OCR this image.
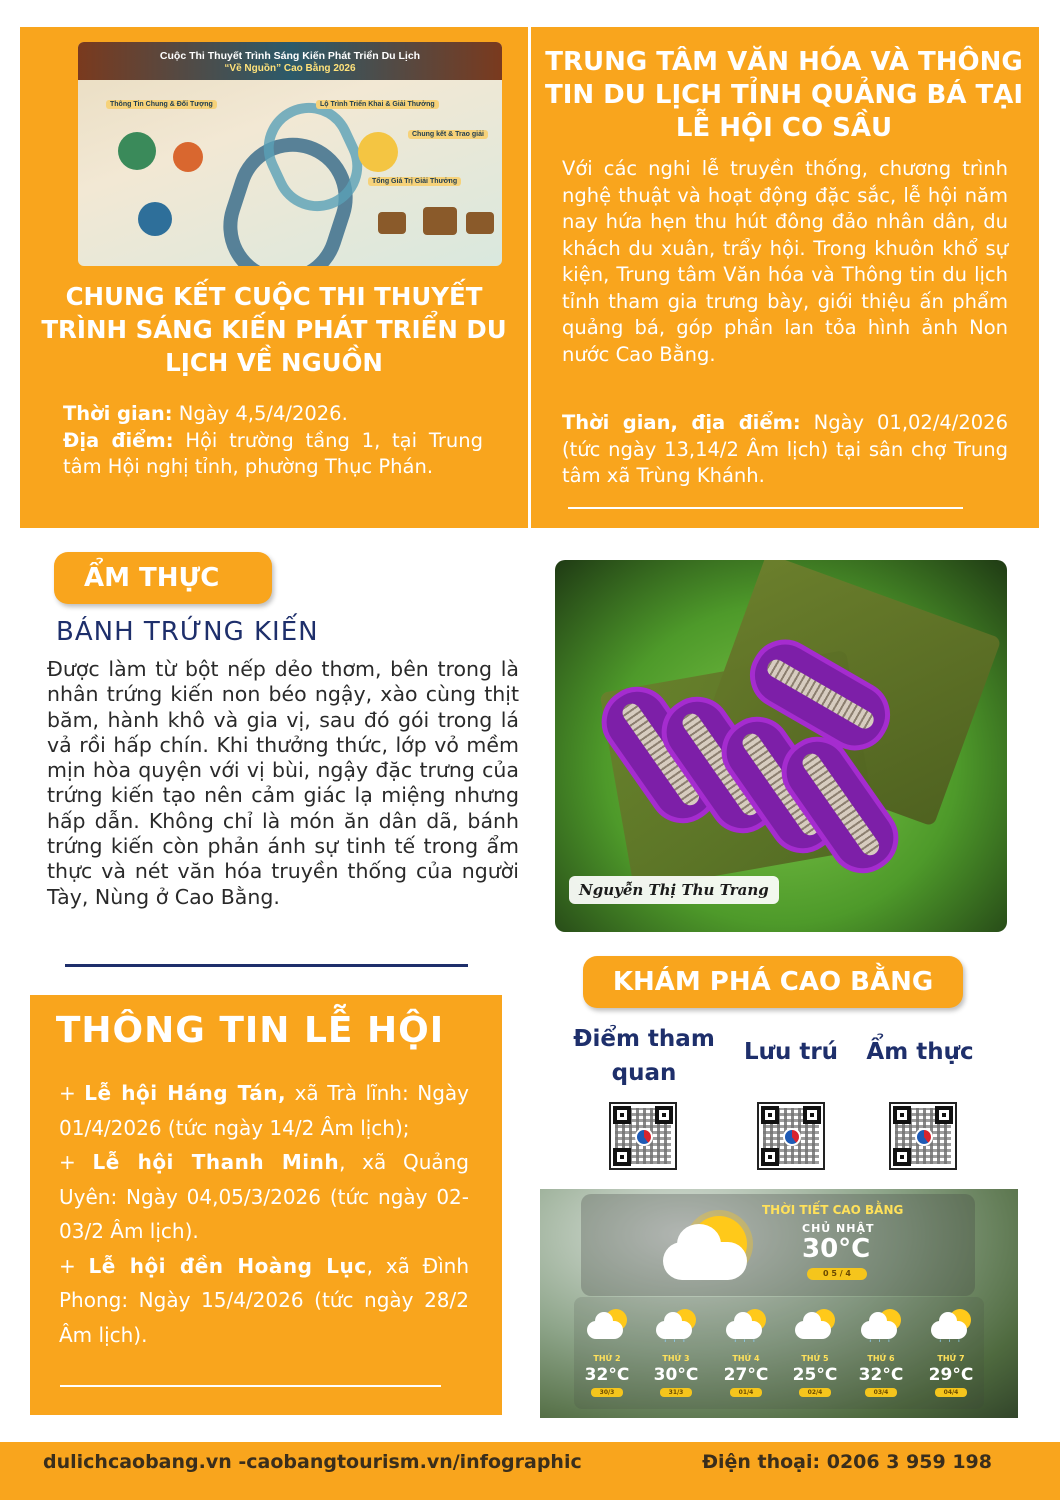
Cuộc Thi Thuyết Trình Sáng Kiến Phát Triển Du Lịch
“Về Nguồn” Cao Bằng 2026
Thông Tin Chung & Đối Tượng	Lộ Trình Triển Khai & Giải Thưởng
Chung kết & Trao giải
Tổng Giá Trị Giải Thưởng
CHUNG KẾT CUỘC THI THUYẾT TRÌNH SÁNG KIẾN PHÁT TRIỂN DU LỊCH VỀ NGUỒN
Thời gian: Ngày 4,5/4/2026.
Địa điểm: Hội trường tầng 1, tại Trung tâm Hội nghị tỉnh, phường Thục Phán.
TRUNG TÂM VĂN HÓA VÀ THÔNG TIN DU LỊCH TỈNH QUẢNG BÁ TẠI LỄ HỘI CO SẦU
Với các nghi lễ truyền thống, chương trình nghệ thuật và hoạt động đặc sắc, lễ hội năm nay hứa hẹn thu hút đông đảo nhân dân, du khách du xuân, trẩy hội. Trong khuôn khổ sự kiện, Trung tâm Văn hóa và Thông tin du lịch tỉnh tham gia trưng bày, giới thiệu ấn phẩm quảng bá, góp phần lan tỏa hình ảnh Non nước Cao Bằng.
Thời gian, địa điểm: Ngày 01,02/4/2026 (tức ngày 13,14/2 Âm lịch) tại sân chợ Trung tâm xã Trùng Khánh.
ẨM THỰC
BÁNH TRỨNG KIẾN
Được làm từ bột nếp dẻo thơm, bên trong là nhân trứng kiến non béo ngậy, xào cùng thịt băm, hành khô và gia vị, sau đó gói trong lá vả rồi hấp chín. Khi thưởng thức, lớp vỏ mềm mịn hòa quyện với vị bùi, ngậy đặc trưng của trứng kiến tạo nên cảm giác lạ miệng nhưng hấp dẫn. Không chỉ là món ăn dân dã, bánh trứng kiến còn phản ánh sự tinh tế trong ẩm thực và nét văn hóa truyền thống của người Tày, Nùng ở Cao Bằng.	Nguyễn Thị Thu Trang
THÔNG TIN LỄ HỘI
+ Lễ hội Háng Tán, xã Trà lĩnh: Ngày 01/4/2026 (tức ngày 14/2 Âm lịch);
+ Lễ hội Thanh Minh, xã Quảng Uyên: Ngày 04,05/3/2026 (tức ngày 02-03/2 Âm lịch).
+ Lễ hội đền Hoàng Lục, xã Đình Phong: Ngày 15/4/2026 (tức ngày 28/2 Âm lịch).
KHÁM PHÁ CAO BẰNG
Điểm tham quan
Lưu trú	Ẩm thực
THỜI TIẾT CAO BẰNG
CHỦ NHẬT
30°C
0 5 / 4
THỨ 2
32°C
30/3
' ' '
THỨ 3
30°C
31/3
' ' '
THỨ 4
27°C
01/4
THỨ 5
25°C
02/4
' ' '
THỨ 6
32°C
03/4
' ' '
THỨ 7
29°C
04/4
dulichcaobang.vn -caobangtourism.vn/infographic	Điện thoại: 0206 3 959 198
